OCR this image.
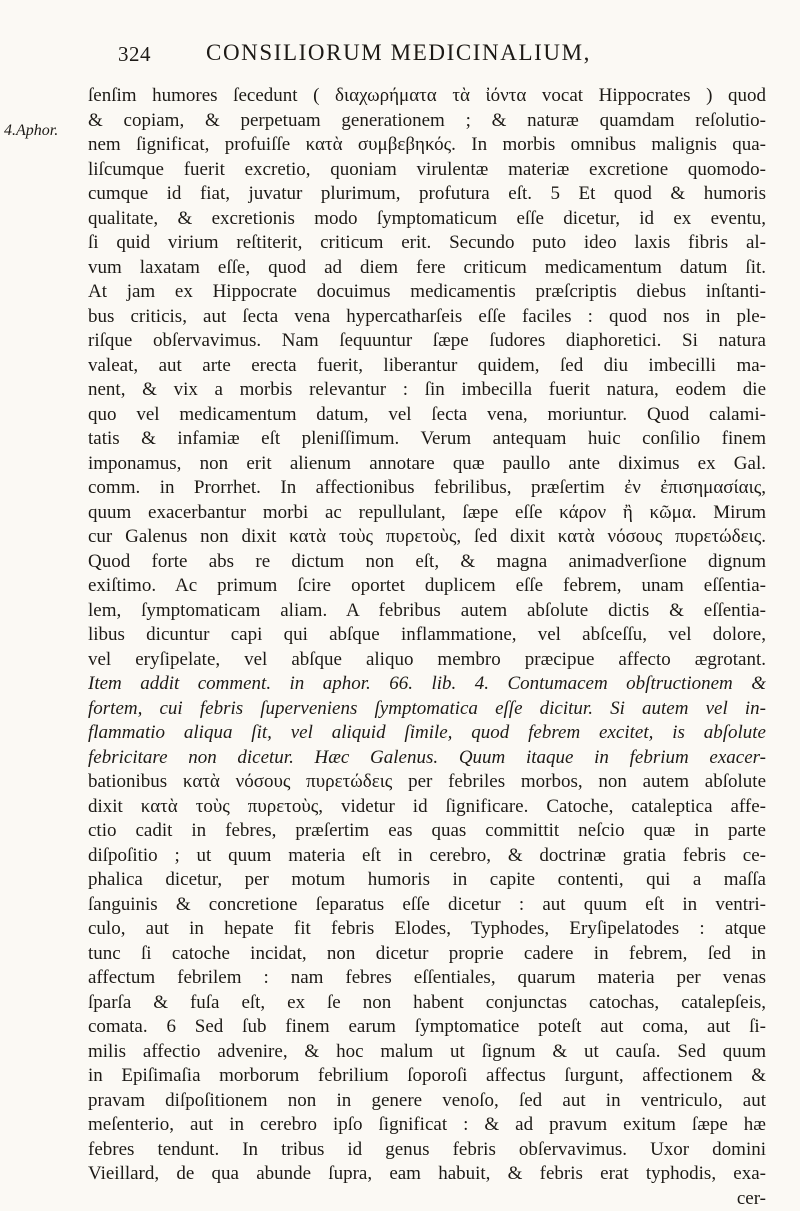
324 CONSILIORUM MEDICINALIUM,
4.Aphor.
ſenſim humores ſecedunt ( διαχωρήματα τὰ ἰόντα vocat Hippocrates ) quod
& copiam, & perpetuam generationem ; & naturæ quamdam reſolutio-
nem ſignificat, profuiſſe κατὰ συμβεβηκός. In morbis omnibus malignis qua-
liſcumque fuerit excretio, quoniam virulentæ materiæ excretione quomodo-
cumque id fiat, juvatur plurimum, profutura eſt. 5 Et quod & humoris
qualitate, & excretionis modo ſymptomaticum eſſe dicetur, id ex eventu,
ſi quid virium reſtiterit, criticum erit. Secundo puto ideo laxis fibris al-
vum laxatam eſſe, quod ad diem fere criticum medicamentum datum ſit.
At jam ex Hippocrate docuimus medicamentis præſcriptis diebus inſtanti-
bus criticis, aut ſecta vena hypercatharſeis eſſe faciles : quod nos in ple-
riſque obſervavimus. Nam ſequuntur ſæpe ſudores diaphoretici. Si natura
valeat, aut arte erecta fuerit, liberantur quidem, ſed diu imbecilli ma-
nent, & vix a morbis relevantur : ſin imbecilla fuerit natura, eodem die
quo vel medicamentum datum, vel ſecta vena, moriuntur. Quod calami-
tatis & infamiæ eſt pleniſſimum. Verum antequam huic conſilio finem
imponamus, non erit alienum annotare quæ paullo ante diximus ex Gal.
comm. in Prorrhet. In affectionibus febrilibus, præſertim ἐν ἐπισημασίαις,
quum exacerbantur morbi ac repullulant, ſæpe eſſe κάρον ἢ κῶμα. Mirum
cur Galenus non dixit κατὰ τοὺς πυρετοὺς, ſed dixit κατὰ νόσους πυρετώδεις.
Quod forte abs re dictum non eſt, & magna animadverſione dignum
exiſtimo. Ac primum ſcire oportet duplicem eſſe febrem, unam eſſentia-
lem, ſymptomaticam aliam. A febribus autem abſolute dictis & eſſentia-
libus dicuntur capi qui abſque inflammatione, vel abſceſſu, vel dolore,
vel eryſipelate, vel abſque aliquo membro præcipue affecto ægrotant.
Item addit comment. in aphor. 66. lib. 4. Contumacem obſtructionem &
fortem, cui febris ſuperveniens ſymptomatica eſſe dicitur. Si autem vel in-
flammatio aliqua ſit, vel aliquid ſimile, quod febrem excitet, is abſolute
febricitare non dicetur. Hæc Galenus. Quum itaque in febrium exacer-
bationibus κατὰ νόσους πυρετώδεις per febriles morbos, non autem abſolute
dixit κατὰ τοὺς πυρετοὺς, videtur id ſignificare. Catoche, cataleptica affe-
ctio cadit in febres, præſertim eas quas committit neſcio quæ in parte
diſpoſitio ; ut quum materia eſt in cerebro, & doctrinæ gratia febris ce-
phalica dicetur, per motum humoris in capite contenti, qui a maſſa
ſanguinis & concretione ſeparatus eſſe dicetur : aut quum eſt in ventri-
culo, aut in hepate fit febris Elodes, Typhodes, Eryſipelatodes : atque
tunc ſi catoche incidat, non dicetur proprie cadere in febrem, ſed in
affectum febrilem : nam febres eſſentiales, quarum materia per venas
ſparſa & fuſa eſt, ex ſe non habent conjunctas catochas, catalepſeis,
comata. 6 Sed ſub finem earum ſymptomatice poteſt aut coma, aut ſi-
milis affectio advenire, & hoc malum ut ſignum & ut cauſa. Sed quum
in Epiſimaſia morborum febrilium ſoporoſi affectus ſurgunt, affectionem &
pravam diſpoſitionem non in genere venoſo, ſed aut in ventriculo, aut
meſenterio, aut in cerebro ipſo ſignificat : & ad pravum exitum ſæpe hæ
febres tendunt. In tribus id genus febris obſervavimus. Uxor domini
Vieillard, de qua abunde ſupra, eam habuit, & febris erat typhodis, exa-
cer-
